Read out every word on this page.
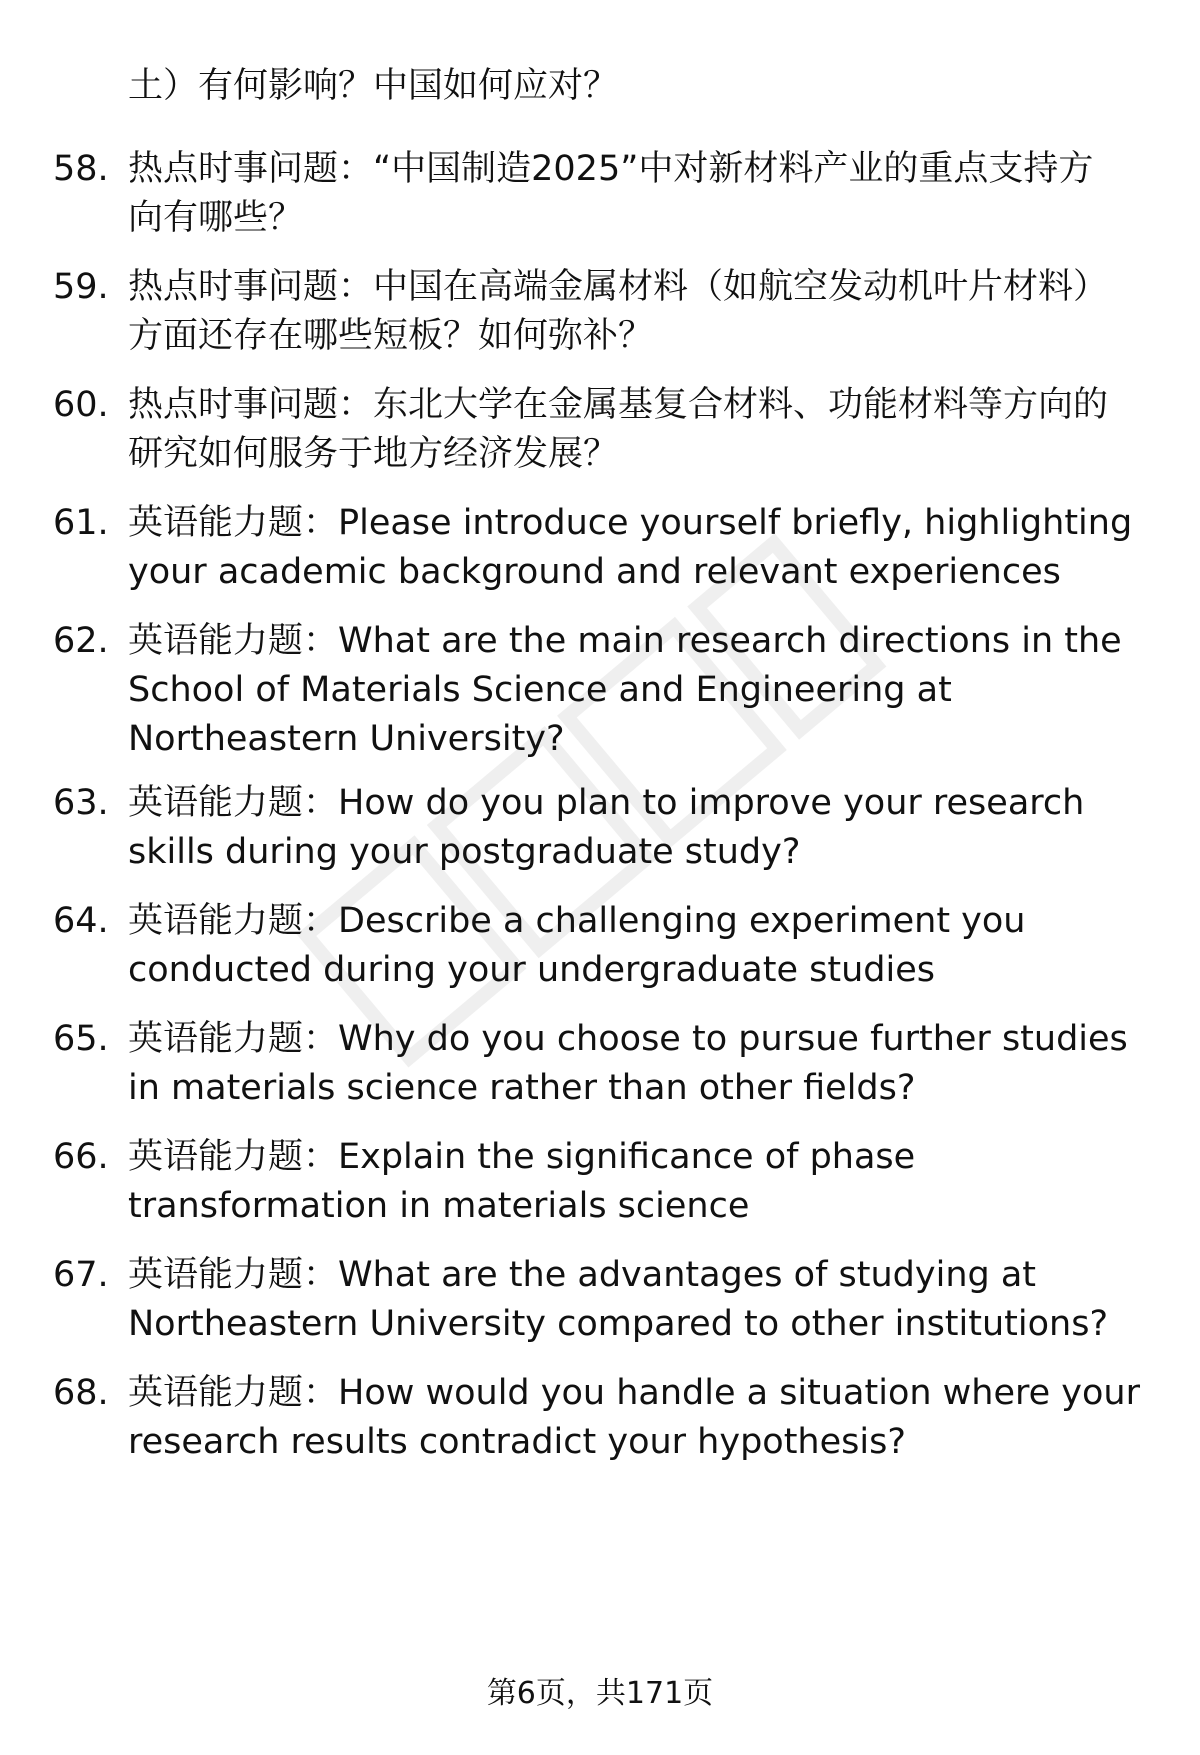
土）有何影响？中国如何应对？
58. 热点时事问题：“中国制造2025”中对新材料产业的重点支持方
向有哪些？
59. 热点时事问题：中国在高端金属材料（如航空发动机叶片材料）
方面还存在哪些短板？如何弥补？
60. 热点时事问题：东北大学在金属基复合材料、功能材料等方向的
研究如何服务于地方经济发展？
61. 英语能力题：Please introduce yourself briefly, highlighting
your academic background and relevant experiences
62. 英语能力题：What are the main research directions in the
School of Materials Science and Engineering at
Northeastern University?
63. 英语能力题：How do you plan to improve your research
skills during your postgraduate study?
64. 英语能力题：Describe a challenging experiment you
conducted during your undergraduate studies
65. 英语能力题：Why do you choose to pursue further studies
in materials science rather than other fields?
66. 英语能力题：Explain the significance of phase
transformation in materials science
67. 英语能力题：What are the advantages of studying at
Northeastern University compared to other institutions?
68. 英语能力题：How would you handle a situation where your
research results contradict your hypothesis?
第6页，共171页
